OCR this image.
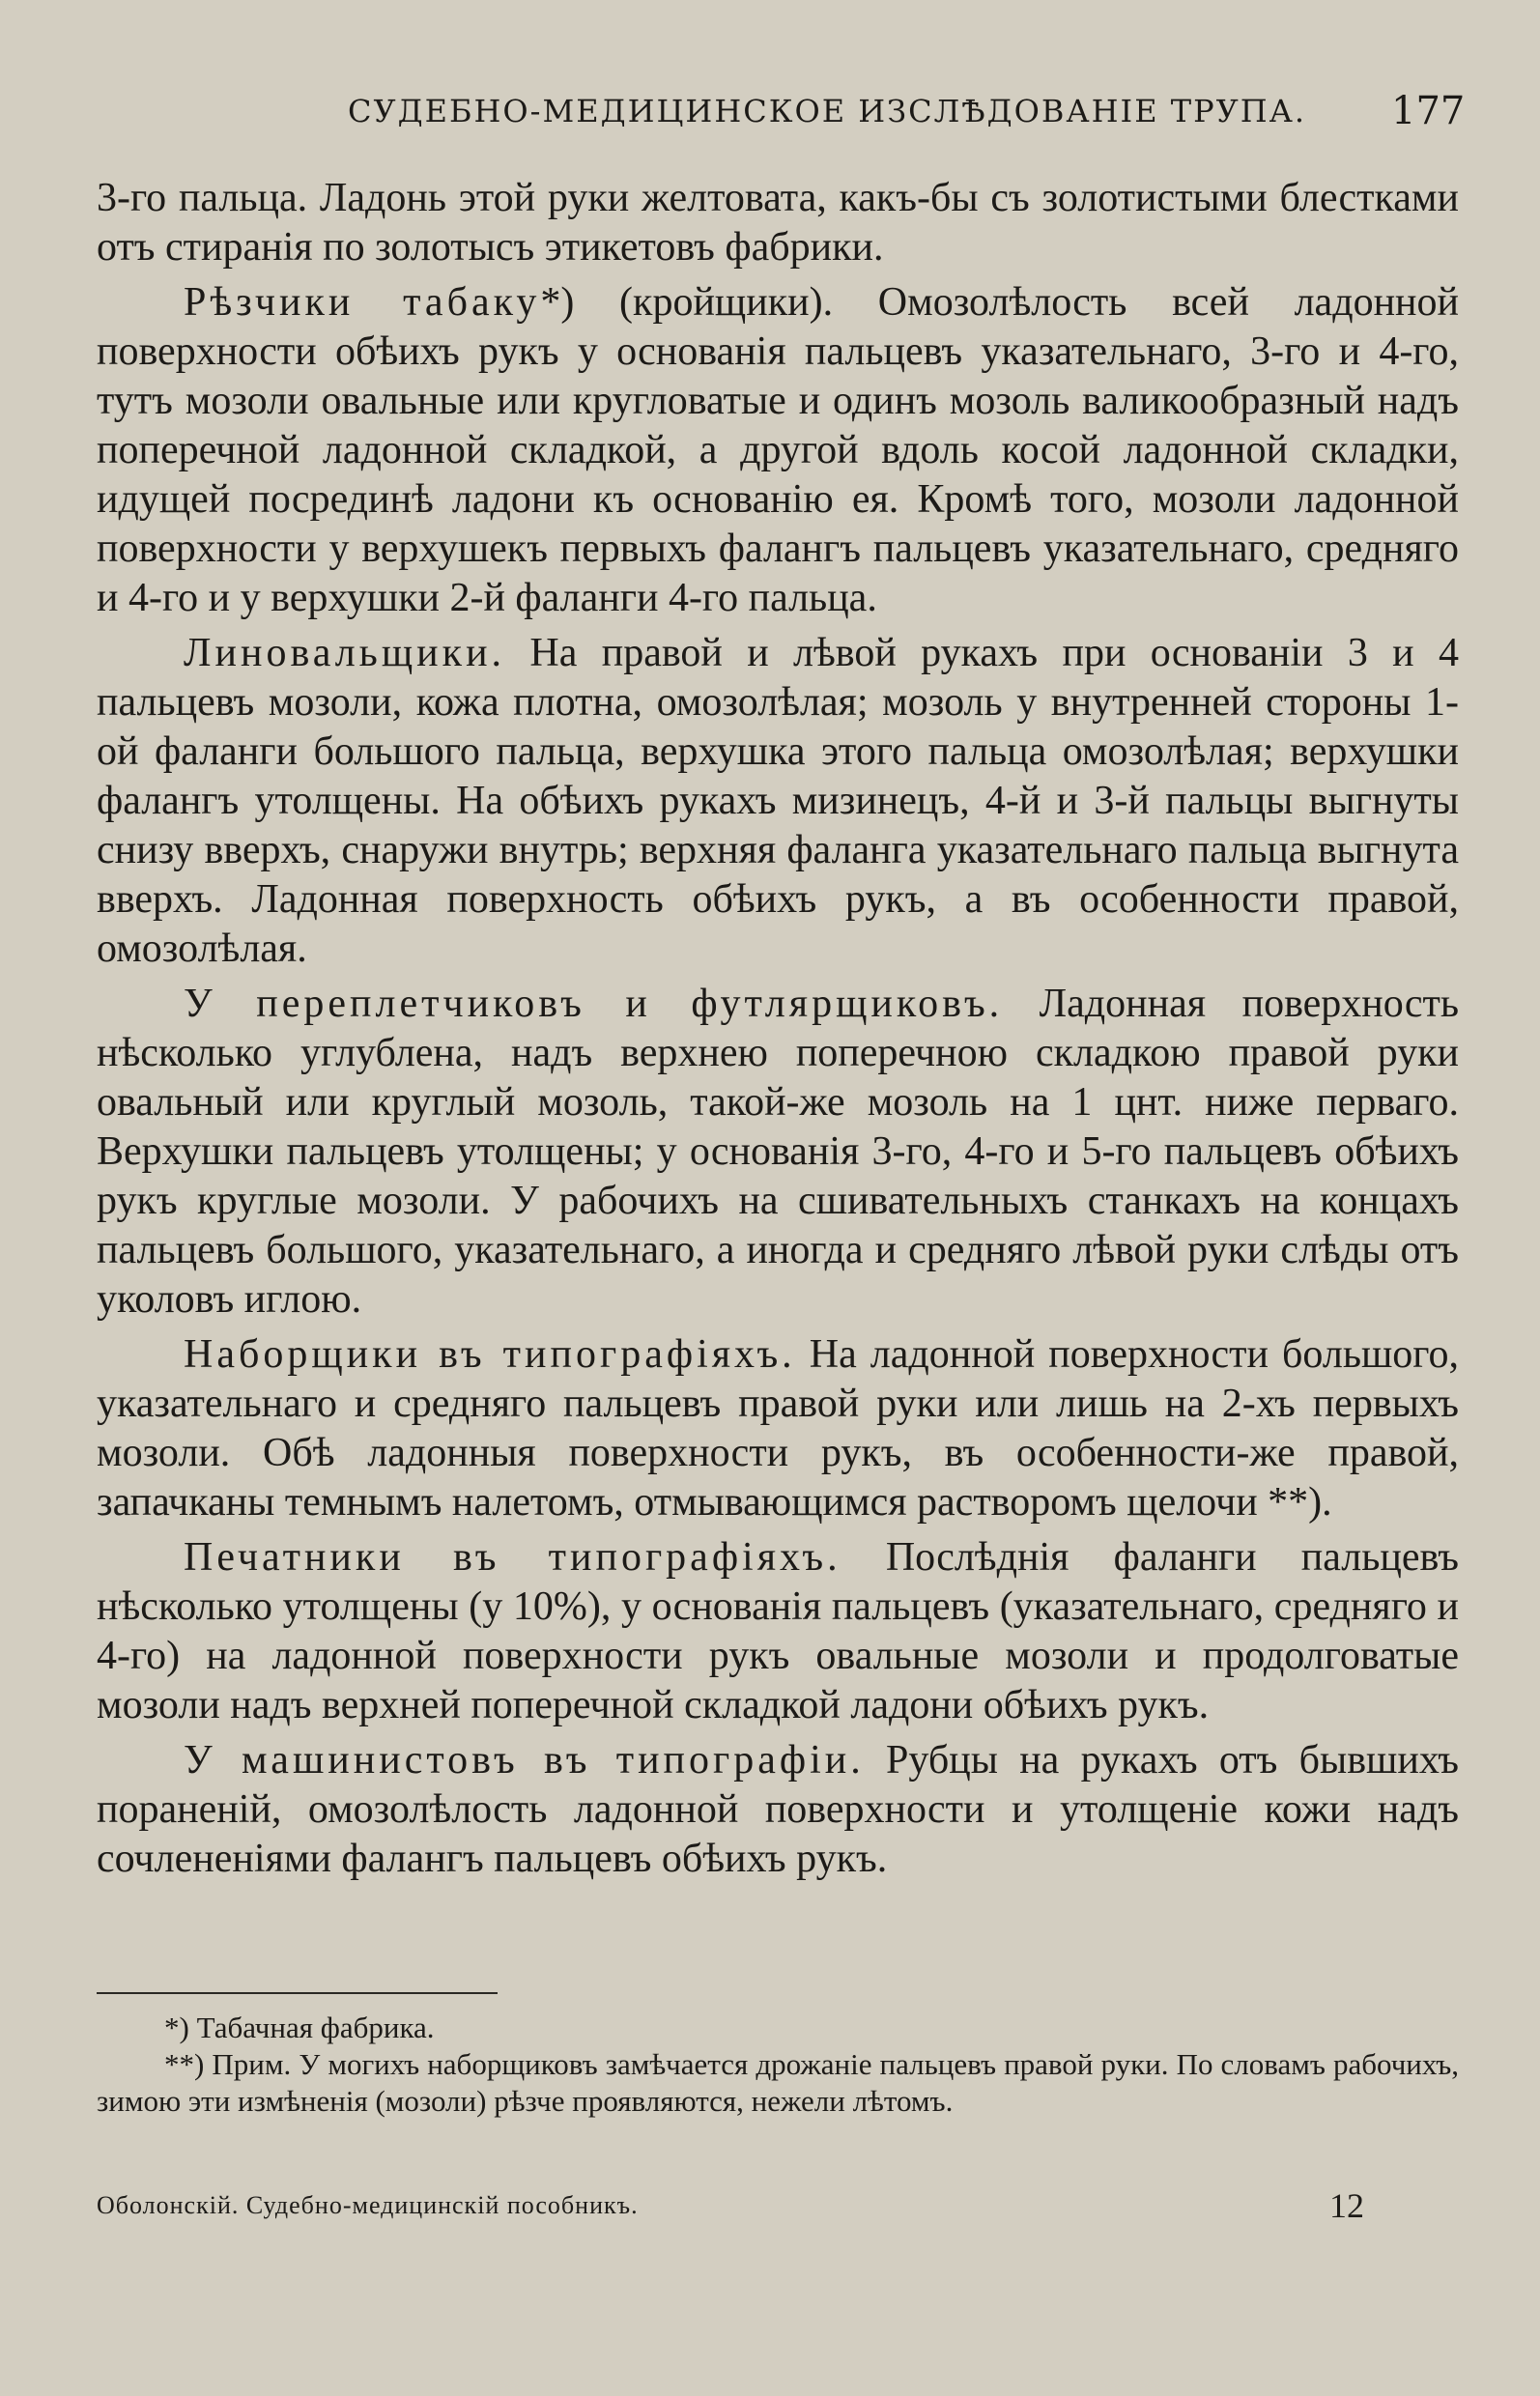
СУДЕБНО-МЕДИЦИНСКОЕ ИЗСЛѢДОВАНІЕ ТРУПА. 177

3-го пальца. Ладонь этой руки желтовата, какъ-бы съ золотистыми блестками отъ стиранія по золотысъ этикетовъ фабрики.

Рѣзчики табаку*) (кройщики). Омозолѣлость всей ладонной поверхности обѣихъ рукъ у основанія пальцевъ указательнаго, 3-го и 4-го, тутъ мозоли овальные или кругловатые и одинъ мозоль валикообразный надъ поперечной ладонной складкой, а другой вдоль косой ладонной складки, идущей посрединѣ ладони къ основанію ея. Кромѣ того, мозоли ладонной поверхности у верхушекъ первыхъ фалангъ пальцевъ указательнаго, средняго и 4-го и у верхушки 2-й фаланги 4-го пальца.

Линовальщики. На правой и лѣвой рукахъ при основаніи 3 и 4 пальцевъ мозоли, кожа плотна, омозолѣлая; мозоль у внутренней стороны 1-ой фаланги большого пальца, верхушка этого пальца омозолѣлая; верхушки фалангъ утолщены. На обѣихъ рукахъ мизинецъ, 4-й и 3-й пальцы выгнуты снизу вверхъ, снаружи внутрь; верхняя фаланга указательнаго пальца выгнута вверхъ. Ладонная поверхность обѣихъ рукъ, а въ особенности правой, омозолѣлая.

У переплетчиковъ и футлярщиковъ. Ладонная поверхность нѣсколько углублена, надъ верхнею поперечною складкою правой руки овальный или круглый мозоль, такой-же мозоль на 1 цнт. ниже перваго. Верхушки пальцевъ утолщены; у основанія 3-го, 4-го и 5-го пальцевъ обѣихъ рукъ круглые мозоли. У рабочихъ на сшивательныхъ станкахъ на концахъ пальцевъ большого, указательнаго, а иногда и средняго лѣвой руки слѣды отъ уколовъ иглою.

Наборщики въ типографіяхъ. На ладонной поверхности большого, указательнаго и средняго пальцевъ правой руки или лишь на 2-хъ первыхъ мозоли. Обѣ ладонныя поверхности рукъ, въ особенности-же правой, запачканы темнымъ налетомъ, отмывающимся растворомъ щелочи **).

Печатники въ типографіяхъ. Послѣднія фаланги пальцевъ нѣсколько утолщены (у 10%), у основанія пальцевъ (указательнаго, средняго и 4-го) на ладонной поверхности рукъ овальные мозоли и продолговатые мозоли надъ верхней поперечной складкой ладони обѣихъ рукъ.

У машинистовъ въ типографіи. Рубцы на рукахъ отъ бывшихъ пораненій, омозолѣлость ладонной поверхности и утолщеніе кожи надъ сочлененіями фалангъ пальцевъ обѣихъ рукъ.

*) Табачная фабрика.

**) Прим. У могихъ наборщиковъ замѣчается дрожаніе пальцевъ правой руки. По словамъ рабочихъ, зимою эти измѣненія (мозоли) рѣзче проявляются, нежели лѣтомъ.

Оболонскій. Судебно-медицинскій пособникъ.	12
